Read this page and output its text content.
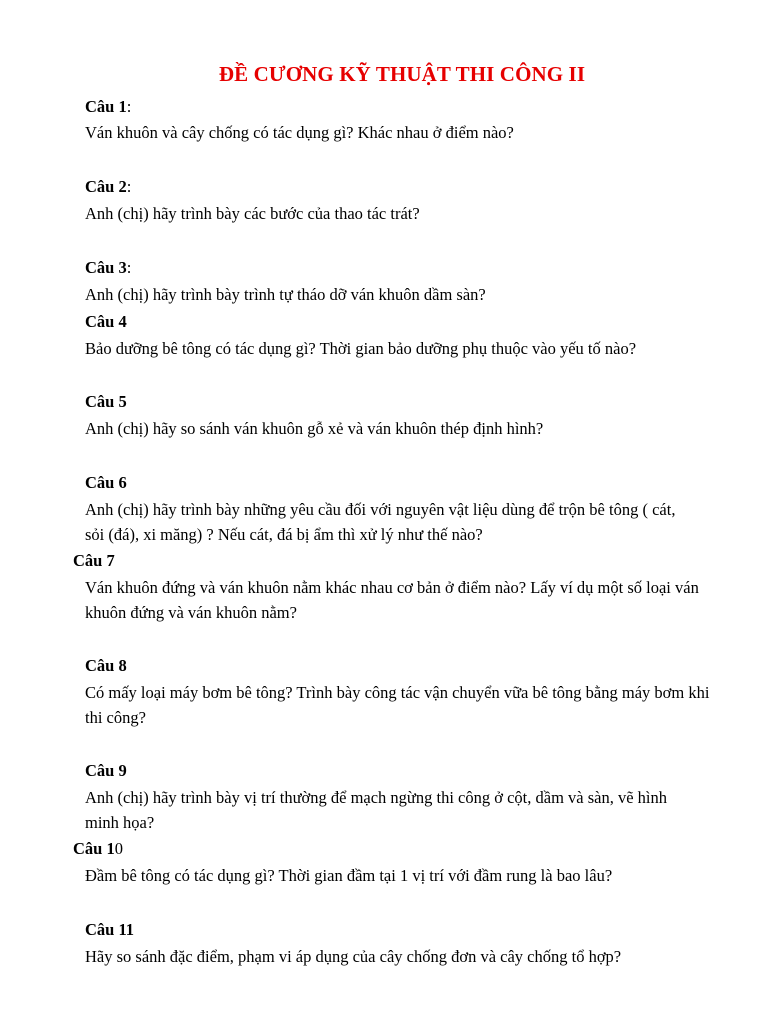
ĐỀ CƯƠNG KỸ THUẬT THI CÔNG II
Câu 1:
Ván khuôn và cây chống có tác dụng gì? Khác nhau ở điểm nào?
Câu 2:
Anh (chị) hãy trình bày các bước của thao tác trát?
Câu 3:
Anh (chị) hãy trình bày trình tự tháo dỡ ván khuôn dầm sàn?
Câu 4
Bảo dưỡng bê tông có tác dụng gì? Thời gian bảo dưỡng phụ thuộc vào yếu tố nào?
Câu 5
Anh (chị) hãy so sánh ván khuôn gỗ xẻ và ván khuôn thép định hình?
Câu 6
Anh (chị) hãy trình bày những yêu cầu đối với nguyên vật liệu dùng để trộn bê tông ( cát, sỏi (đá), xi măng) ? Nếu cát, đá bị ẩm thì xử lý như thế nào?
Câu 7
Ván khuôn đứng và ván khuôn nằm khác nhau cơ bản ở điểm nào? Lấy ví dụ một số loại ván khuôn đứng và ván khuôn nằm?
Câu 8
Có mấy loại máy bơm bê tông? Trình bày công tác vận chuyển vữa bê tông bằng máy bơm khi thi công?
Câu 9
Anh (chị) hãy trình bày vị trí thường để mạch ngừng thi công ở cột, dầm và sàn, vẽ hình minh họa?
Câu 10
Đầm bê tông có tác dụng gì? Thời gian đầm tại 1 vị trí với đầm rung là bao lâu?
Câu 11
Hãy so sánh đặc điểm, phạm vi áp dụng của cây chống đơn và cây chống tổ hợp?
